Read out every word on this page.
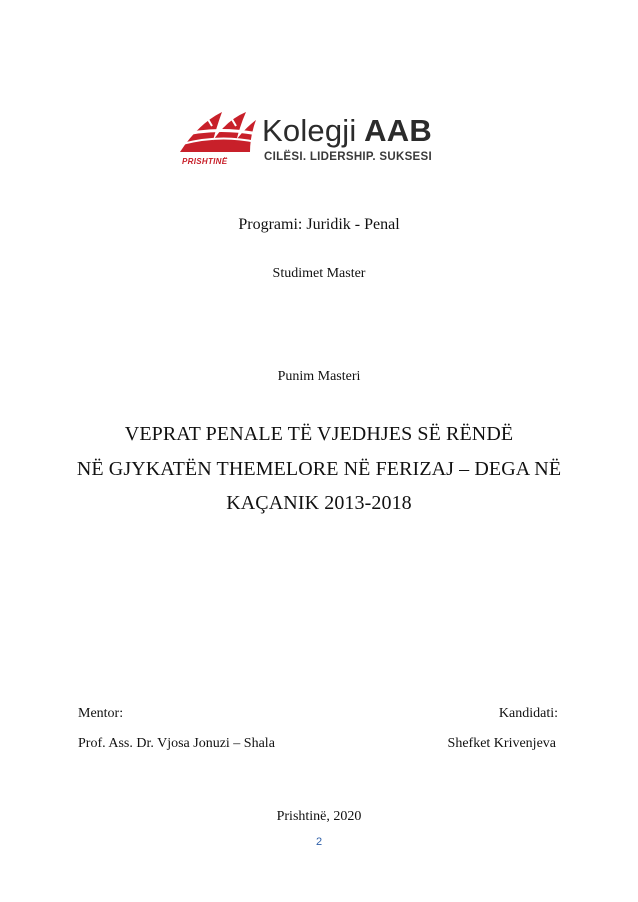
Kolegji AAB
CILËSI. LIDERSHIP. SUKSESI
PRISHTINË
Programi: Juridik - Penal
Studimet Master
Punim Masteri
VEPRAT PENALE TË VJEDHJES SË RËNDË
NË GJYKATËN THEMELORE NË FERIZAJ – DEGA NË
KAÇANIK 2013-2018
Mentor:	Kandidati:
Prof. Ass. Dr. Vjosa Jonuzi – Shala	Shefket Krivenjeva
Prishtinë, 2020
2
